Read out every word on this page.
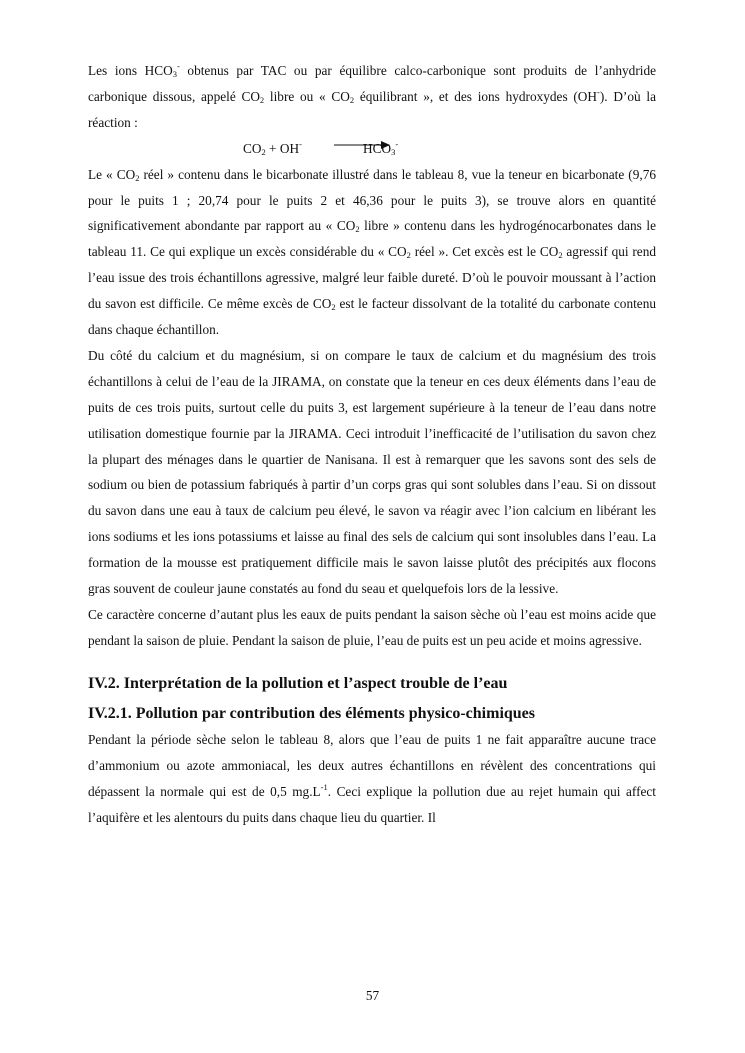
Les ions $HCO_3^-$ obtenus par TAC ou par équilibre calco-carbonique sont produits de l’anhydride carbonique dissous, appelé $CO_2$ libre ou « $CO_2$ équilibrant », et des ions hydroxydes (OH-). D’où la réaction :

$CO_2 + OH^-$	$HCO_3^-$

Le « $CO_2$ réel » contenu dans le bicarbonate illustré dans le tableau 8, vue la teneur en bicarbonate (9,76 pour le puits 1 ; 20,74 pour le puits 2 et 46,36 pour le puits 3), se trouve alors en quantité significativement abondante par rapport au « $CO_2$ libre » contenu dans les hydrogénocarbonates dans le tableau 11. Ce qui explique un excès considérable du « $CO_2$ réel ». Cet excès est le $CO_2$ agressif qui rend l’eau issue des trois échantillons agressive, malgré leur faible dureté. D’où le pouvoir moussant à l’action du savon est difficile. Ce même excès de $CO_2$ est le facteur dissolvant de la totalité du carbonate contenu dans chaque échantillon.

Du côté du calcium et du magnésium, si on compare le taux de calcium et du magnésium des trois échantillons à celui de l’eau de la JIRAMA, on constate que la teneur en ces deux éléments dans l’eau de puits de ces trois puits, surtout celle du puits 3, est largement supérieure à la teneur de l’eau dans notre utilisation domestique fournie par la JIRAMA. Ceci introduit l’inefficacité de l’utilisation du savon chez la plupart des ménages dans le quartier de Nanisana. Il est à remarquer que les savons sont des sels de sodium ou bien de potassium fabriqués à partir d’un corps gras qui sont solubles dans l’eau. Si on dissout du savon dans une eau à taux de calcium peu élevé, le savon va réagir avec l’ion calcium en libérant les ions sodiums et les ions potassiums et laisse au final des sels de calcium qui sont insolubles dans l’eau. La formation de la mousse est pratiquement difficile mais le savon laisse plutôt des précipités aux flocons gras souvent de couleur jaune constatés au fond du seau et quelquefois lors de la lessive.

Ce caractère concerne d’autant plus les eaux de puits pendant la saison sèche où l’eau est moins acide que pendant la saison de pluie. Pendant la saison de pluie, l’eau de puits est un peu acide et moins agressive.

IV.2. Interprétation de la pollution et l’aspect trouble de l’eau
IV.2.1. Pollution par contribution des éléments physico-chimiques

Pendant la période sèche selon le tableau 8, alors que l’eau de puits 1 ne fait apparaître aucune trace d’ammonium ou azote ammoniacal, les deux autres échantillons en révèlent des concentrations qui dépassent la normale qui est de 0,5 $mg.L^{-1}$. Ceci explique la pollution due au rejet humain qui affect l’aquifère et les alentours du puits dans chaque lieu du quartier. Il

57
